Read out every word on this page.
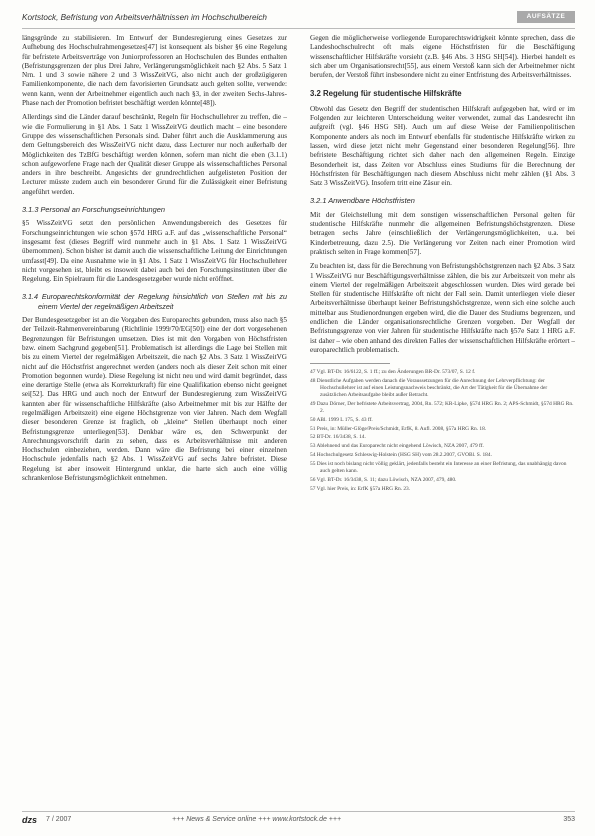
Kortstock, Befristung von Arbeitsverhältnissen im Hochschulbereich	AUFSÄTZE

längsgründe zu stabilisieren. Im Entwurf der Bundesregierung eines Gesetzes zur Aufhebung des Hochschulrahmengesetzes[47] ist konsequent als bisher §6 eine Regelung für befristete Arbeitsverträge von Juniorprofessoren an Hochschulen des Bundes enthalten (Befristungsgrenzen der plus Drei Jahre, Verlängerungsmöglichkeit nach §2 Abs. 5 Satz 1 Nrn. 1 und 3 sowie nähere 2 und 3 WissZeitVG, also nicht auch der großzügigeren Familienkomponente, die nach dem favorisierten Grundsatz auch gelten sollte, verwende: wenn kann, wenn der Arbeitnehmer eigentlich auch nach §3, in der zweiten Sechs-Jahres-Phase nach der Promotion befristet beschäftigt werden könnte[48]).

Allerdings sind die Länder darauf beschränkt, Regeln für Hochschullehrer zu treffen, die – wie die Formulierung in §1 Abs. 1 Satz 1 WissZeitVG deutlich macht – eine besondere Gruppe des wissenschaftlichen Personals sind. Daher führt auch die Ausklammerung aus dem Geltungsbereich des WissZeitVG nicht dazu, dass Lecturer nur noch außerhalb der Möglichkeiten des TzBfG beschäftigt werden können, sofern man nicht die eben (3.1.1) schon aufgeworfene Frage nach der Qualität dieser Gruppe als wissenschaftliches Personal anders in ihre beschreibt. Angesichts der grundrechtlichen aufgelisteten Position der Lecturer müsste zudem auch ein besonderer Grund für die Zulässigkeit einer Befristung angeführt werden.

3.1.3 Personal an Forschungseinrichtungen

§5 WissZeitVG setzt den persönlichen Anwendungsbereich des Gesetzes für Forschungseinrichtungen wie schon §57d HRG a.F. auf das „wissenschaftliche Personal“ insgesamt fest (dieses Begriff wird nunmehr auch in §1 Abs. 1 Satz 1 WissZeitVG übernommen). Schon bisher ist damit auch die wissenschaftliche Leitung der Einrichtungen umfasst[49]. Da eine Ausnahme wie in §1 Abs. 1 Satz 1 WissZeitVG für Hochschullehrer nicht vorgesehen ist, bleibt es insoweit dabei auch bei den Forschungsinstituten über die Regelung. Ein Spielraum für die Landesgesetzgeber wurde nicht eröffnet.

3.1.4 Europarechtskonformität der Regelung hinsichtlich von Stellen mit bis zu einem Viertel der regelmäßigen Arbeitszeit

Der Bundesgesetzgeber ist an die Vorgaben des Europarechts gebunden, muss also nach §5 der Teilzeit-Rahmenvereinbarung (Richtlinie 1999/70/EG[50]) eine der dort vorgesehenen Begrenzungen für Befristungen umsetzen. Dies ist mit den Vorgaben von Höchstfristen bzw. einem Sachgrund gegeben[51]. Problematisch ist allerdings die Lage bei Stellen mit bis zu einem Viertel der regelmäßigen Arbeitszeit, die nach §2 Abs. 3 Satz 1 WissZeitVG nicht auf die Höchstfrist angerechnet werden (anders noch als dieser Zeit schon mit einer Promotion begonnen wurde). Diese Regelung ist nicht neu und wird damit begründet, dass eine derartige Stelle (etwa als Korrekturkraft) für eine Qualifikation ebenso nicht geeignet sei[52]. Das HRG und auch noch der Entwurf der Bundesregierung zum WissZeitVG kannten aber für wissenschaftliche Hilfskräfte (also Arbeitnehmer mit bis zur Hälfte der regelmäßigen Arbeitszeit) eine eigene Höchstgrenze von vier Jahren. Nach dem Wegfall dieser besonderen Grenze ist fraglich, ob „kleine“ Stellen überhaupt noch einer Befristungsgrenze unterliegen[53]. Denkbar wäre es, den Schwerpunkt der Anrechnungsvorschrift darin zu sehen, dass es Arbeitsverhältnisse mit anderen Hochschulen einbeziehen, werden. Dann wäre die Befristung bei einer einzelnen Hochschule jedenfalls nach §2 Abs. 1 WissZeitVG auf sechs Jahre befristet. Diese Regelung ist aber insoweit Hintergrund unklar, die harte sich auch eine völlig schrankenlose Befristungsmöglichkeit entnehmen.

Gegen die möglicherweise vorliegende Europarechtswidrigkeit könnte sprechen, dass die Landeshochschulrecht oft mals eigene Höchstfristen für die Beschäftigung wissenschaftlicher Hilfskräfte vorsieht (z.B. §46 Abs. 3 HSG SH[54]). Hierbei handelt es sich aber um Organisationsrecht[55], aus einem Verstoß kann sich der Arbeitnehmer nicht berufen, der Verstoß führt insbesondere nicht zu einer Entfristung des Arbeitsverhältnisses.

3.2 Regelung für studentische Hilfskräfte

Obwohl das Gesetz den Begriff der studentischen Hilfskraft aufgegeben hat, wird er im Folgenden zur leichteren Unterscheidung weiter verwendet, zumal das Landesrecht ihn aufgreift (vgl. §46 HSG SH). Auch um auf diese Weise der Familienpolitischen Komponente anders als noch im Entwurf ebenfalls für studentische Hilfskräfte wirken zu lassen, wird diese jetzt nicht mehr Gegenstand einer besonderen Regelung[56]. Ihre befristete Beschäftigung richtet sich daher nach den allgemeinen Regeln. Einzige Besonderheit ist, dass Zeiten vor Abschluss eines Studiums für die Berechnung der Höchstfristen für Beschäftigungen nach diesem Abschluss nicht mehr zählen (§1 Abs. 3 Satz 3 WissZeitVG). Insofern tritt eine Zäsur ein.

3.2.1 Anwendbare Höchstfristen

Mit der Gleichstellung mit dem sonstigen wissenschaftlichen Personal gelten für studentische Hilfskräfte nunmehr die allgemeinen Befristungshöchstgrenzen. Diese betragen sechs Jahre (einschließlich der Verlängerungsmöglichkeiten, u.a. bei Kinderbetreuung, dazu 2.5). Die Verlängerung vor Zeiten nach einer Promotion wird praktisch selten in Frage kommen[57].

Zu beachten ist, dass für die Berechnung von Befristungshöchstgrenzen nach §2 Abs. 3 Satz 1 WissZeitVG nur Beschäftigungsverhältnisse zählen, die bis zur Arbeitszeit von mehr als einem Viertel der regelmäßigen Arbeitszeit abgeschlossen wurden. Dies wird gerade bei Stellen für studentische Hilfskräfte oft nicht der Fall sein. Damit unterliegen viele dieser Arbeitsverhältnisse überhaupt keiner Befristungshöchstgrenze, wenn sich eine solche auch mittelbar aus Studienordnungen ergeben wird, die die Dauer des Studiums begrenzen, und endlichen die Länder organisationsrechtliche Grenzen vorgeben. Der Wegfall der Befristungsgrenze von vier Jahren für studentische Hilfskräfte nach §57e Satz 1 HRG a.F. ist daher – wie oben anhand des direkten Falles der wissenschaftlichen Hilfskräfte erörtert – europarechtlich problematisch.

47 Vgl. BT-Dr. 16/6122, S. 1 ff.; zu den Änderungen BR-Dr. 573/07, S. 12 f.
48 Dienstliche Aufgaben werden danach die Voraussetzungen für die Anrechnung der Lehrverpflichtung: der Hochschullehrer ist auf einen Leistungsnachweis beschränkt, die Art der Tätigkeit für die Übernahme der zusätzlichen Arbeitsaufgabe bleibt außer Betracht.
49 Dazu Dörner, Der befristete Arbeitsvertrag, 2004, Rn. 572; KR-Lipke, §57d HRG Rn. 2; APS-Schmidt, §57d HRG Rn. 2.
50 ABl. 1999 L 175, S. 43 ff.
51 Preis, in: Müller-Glöge/Preis/Schmidt, ErfK, 8. Aufl. 2008, §57a HRG Rn. 18.
52 BT-Dr. 16/3438, S. 14.
53 Ablehnend und das Europarecht nicht eingehend Löwisch, NZA 2007, 479 ff.
54 Hochschulgesetz Schleswig-Holstein (HSG SH) vom 28.2.2007, GVOBl. S. 184.
55 Dies ist noch bislang nicht völlig geklärt, jedenfalls besteht ein Interesse an einer Befristung, das unabhängig davon auch gelten kann.
56 Vgl. BT-Dr. 16/3438, S. 11; dazu Löwisch, NZA 2007, 479, 480.
57 Vgl. hier Preis, in: ErfK §57a HRG Rn. 23.
dzs 7 / 2007	+++ News & Service online +++ www.kortstock.de +++	353
